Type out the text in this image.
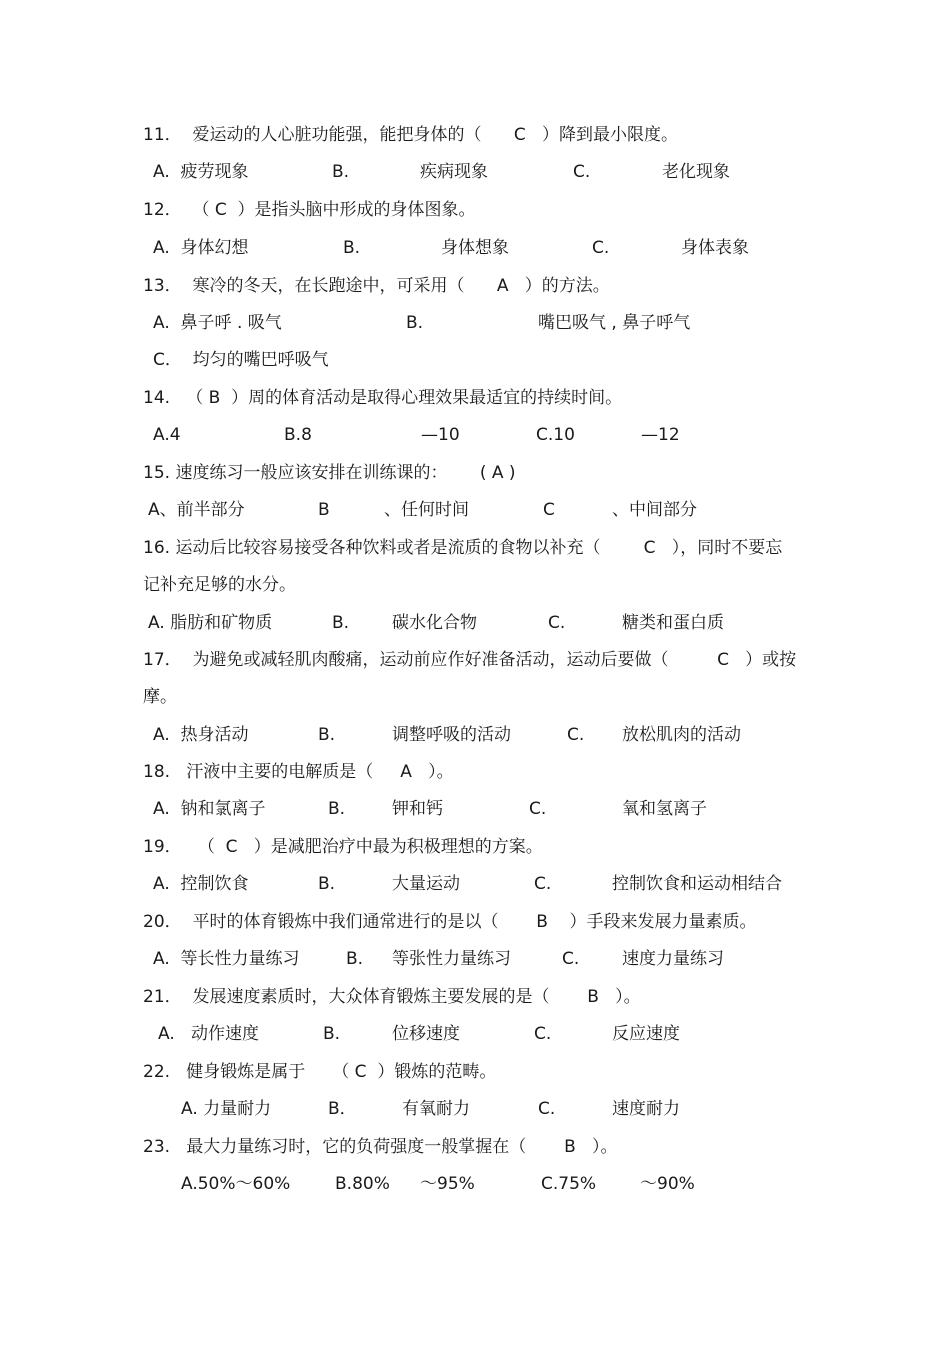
11．  爱运动的人心脏功能强，能把身体的（      C   ）降到最小限度。
A.  疲劳现象	B.	疾病现象	C.	老化现象
12．  （ C  ）是指头脑中形成的身体图象。
A.  身体幻想	B.	身体想象	C.	身体表象
13．  寒冷的冬天，在长跑途中，可采用（      A   ）的方法。
A.  鼻子呼 . 吸气	B.	嘴巴吸气 , 鼻子呼气
C．  均匀的嘴巴呼吸气
14.   （ B  ）周的体育活动是取得心理效果最适宜的持续时间。
A.4	B.8	—10	C.10	—12
15. 速度练习一般应该安排在训练课的：      ( A )
A、前半部分	B	、任何时间	C	、中间部分
16. 运动后比较容易接受各种饮料或者是流质的食物以补充（        C   ），同时不要忘
记补充足够的水分。
A. 脂肪和矿物质	B.	碳水化合物	C.	糖类和蛋白质
17．  为避免或减轻肌肉酸痛，运动前应作好准备活动，运动后要做（         C   ）或按
摩。
A.  热身活动	B.	调整呼吸的活动	C. 放松肌肉的活动
18.   汗液中主要的电解质是（     A   ）。
A.  钠和氯离子	B.	钾和钙	C.	氧和氢离子
19．   （  C   ）是减肥治疗中最为积极理想的方案。
A.  控制饮食	B.	大量运动	C.	控制饮食和运动相结合
20．  平时的体育锻炼中我们通常进行的是以（       B    ）手段来发展力量素质。
A.  等长性力量练习	B. 等张性力量练习	C.	速度力量练习
21．  发展速度素质时，大众体育锻炼主要发展的是（       B   ）。
A.   动作速度	B.	位移速度	C.	反应速度
22.   健身锻炼是属于     （ C  ）锻炼的范畴。
A. 力量耐力	B．	有氧耐力	C.	速度耐力
23.   最大力量练习时，它的负荷强度一般掌握在（       B   ）。
A.50%～60%	B.80% ～95%	C.75%	～90%
